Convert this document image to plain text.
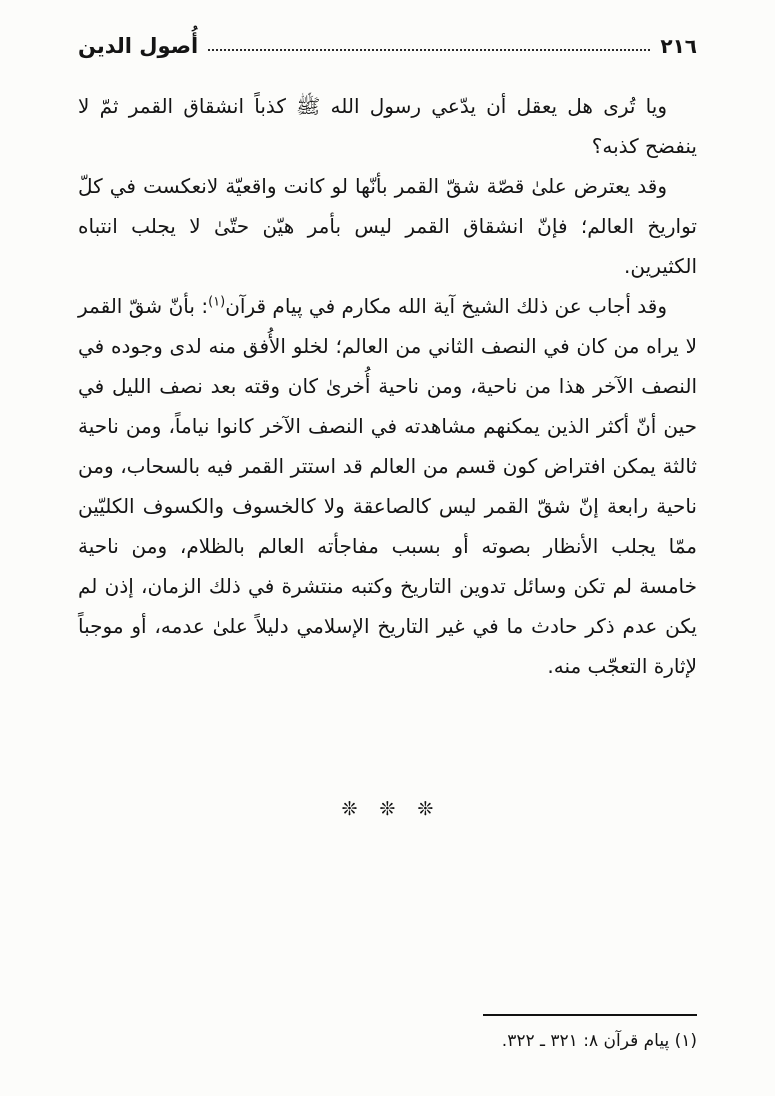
٢١٦
أُصول الدين

ويا تُرى هل يعقل أن يدّعي رسول الله ﷺ كذباً انشقاق القمر ثمّ لا ينفضح كذبه؟

وقد يعترض علىٰ قصّة شقّ القمر بأنّها لو كانت واقعيّة لانعكست في كلّ تواريخ العالم؛ فإنّ انشقاق القمر ليس بأمر هيّن حتّىٰ لا يجلب انتباه الكثيرين.

وقد أجاب عن ذلك الشيخ آية الله مكارم في پيام قرآن$^{(١)}$: بأنّ شقّ القمر لا يراه من كان في النصف الثاني من العالم؛ لخلو الأُفق منه لدى وجوده في النصف الآخر هذا من ناحية، ومن ناحية أُخرىٰ كان وقته بعد نصف الليل في حين أنّ أكثر الذين يمكنهم مشاهدته في النصف الآخر كانوا نياماً، ومن ناحية ثالثة يمكن افتراض كون قسم من العالم قد استتر القمر فيه بالسحاب، ومن ناحية رابعة إنّ شقّ القمر ليس كالصاعقة ولا كالخسوف والكسوف الكليّين ممّا يجلب الأنظار بصوته أو بسبب مفاجأته العالم بالظلام، ومن ناحية خامسة لم تكن وسائل تدوين التاريخ وكتبه منتشرة في ذلك الزمان، إذن لم يكن عدم ذكر حادث ما في غير التاريخ الإسلامي دليلاً علىٰ عدمه، أو موجباً لإثارة التعجّب منه.

❊ ❊ ❊
(١) پيام قرآن ٨: ٣٢١ ـ ٣٢٢.
